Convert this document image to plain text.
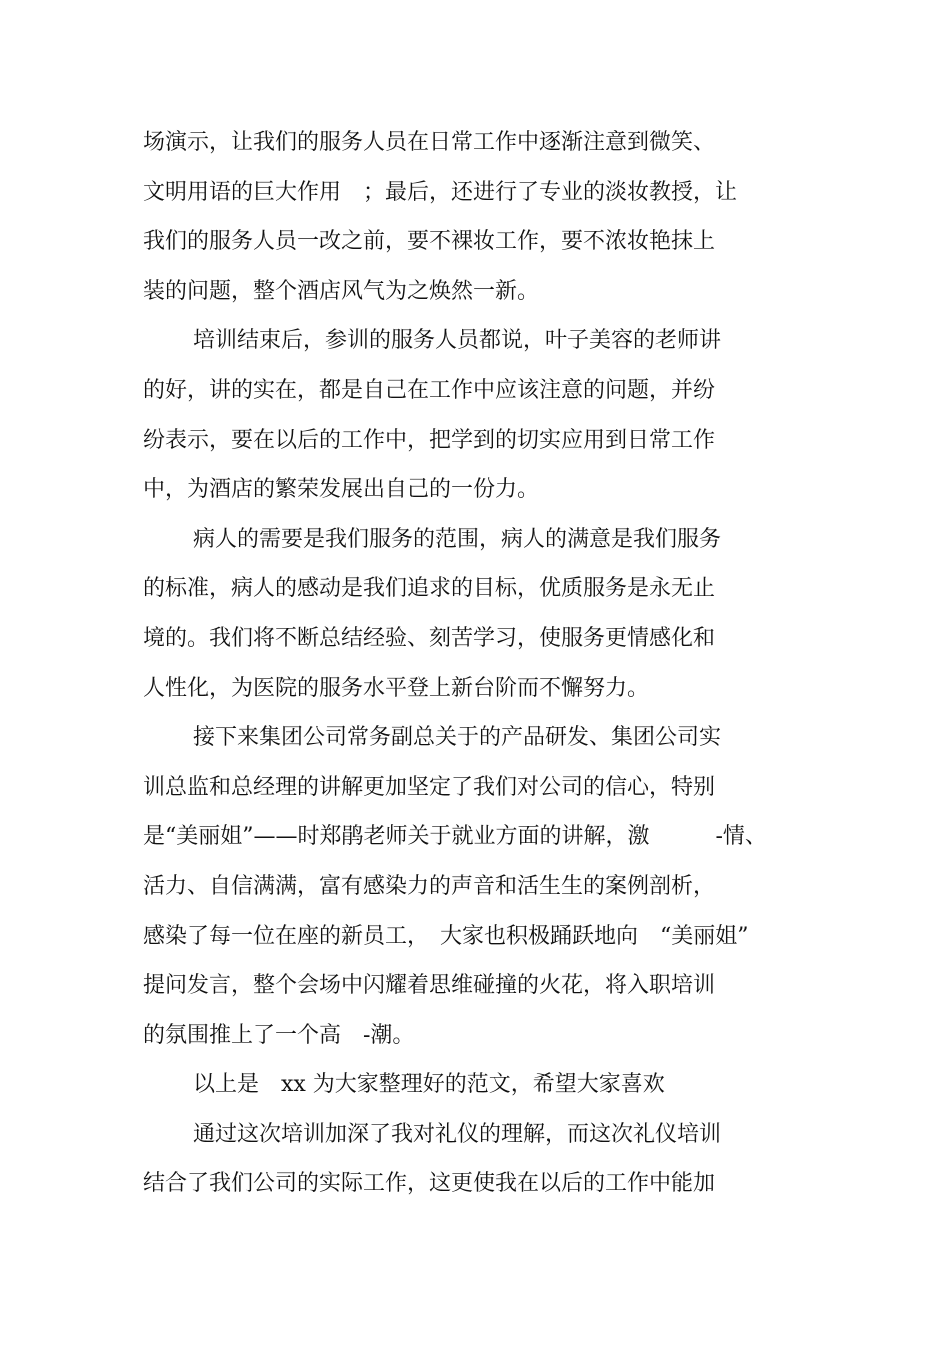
场演示，让我们的服务人员在日常工作中逐渐注意到微笑、
文明用语的巨大作用　；最后，还进行了专业的淡妆教授，让
我们的服务人员一改之前，要不裸妆工作，要不浓妆艳抹上
装的问题，整个酒店风气为之焕然一新。
培训结束后，参训的服务人员都说，叶子美容的老师讲
的好，讲的实在，都是自己在工作中应该注意的问题，并纷
纷表示，要在以后的工作中，把学到的切实应用到日常工作
中，为酒店的繁荣发展出自己的一份力。
病人的需要是我们服务的范围，病人的满意是我们服务
的标准，病人的感动是我们追求的目标，优质服务是永无止
境的。我们将不断总结经验、刻苦学习，使服务更情感化和
人性化，为医院的服务水平登上新台阶而不懈努力。
接下来集团公司常务副总关于的产品研发、集团公司实
训总监和总经理的讲解更加坚定了我们对公司的信心，特别
是“美丽姐”——时郑鹃老师关于就业方面的讲解，激　　　-情、
活力、自信满满，富有感染力的声音和活生生的案例剖析，
感染了每一位在座的新员工，　大家也积极踊跃地向　“美丽姐”
提问发言，整个会场中闪耀着思维碰撞的火花，将入职培训
的氛围推上了一个高　-潮。
以上是　xx 为大家整理好的范文，希望大家喜欢
通过这次培训加深了我对礼仪的理解，而这次礼仪培训
结合了我们公司的实际工作，这更使我在以后的工作中能加
